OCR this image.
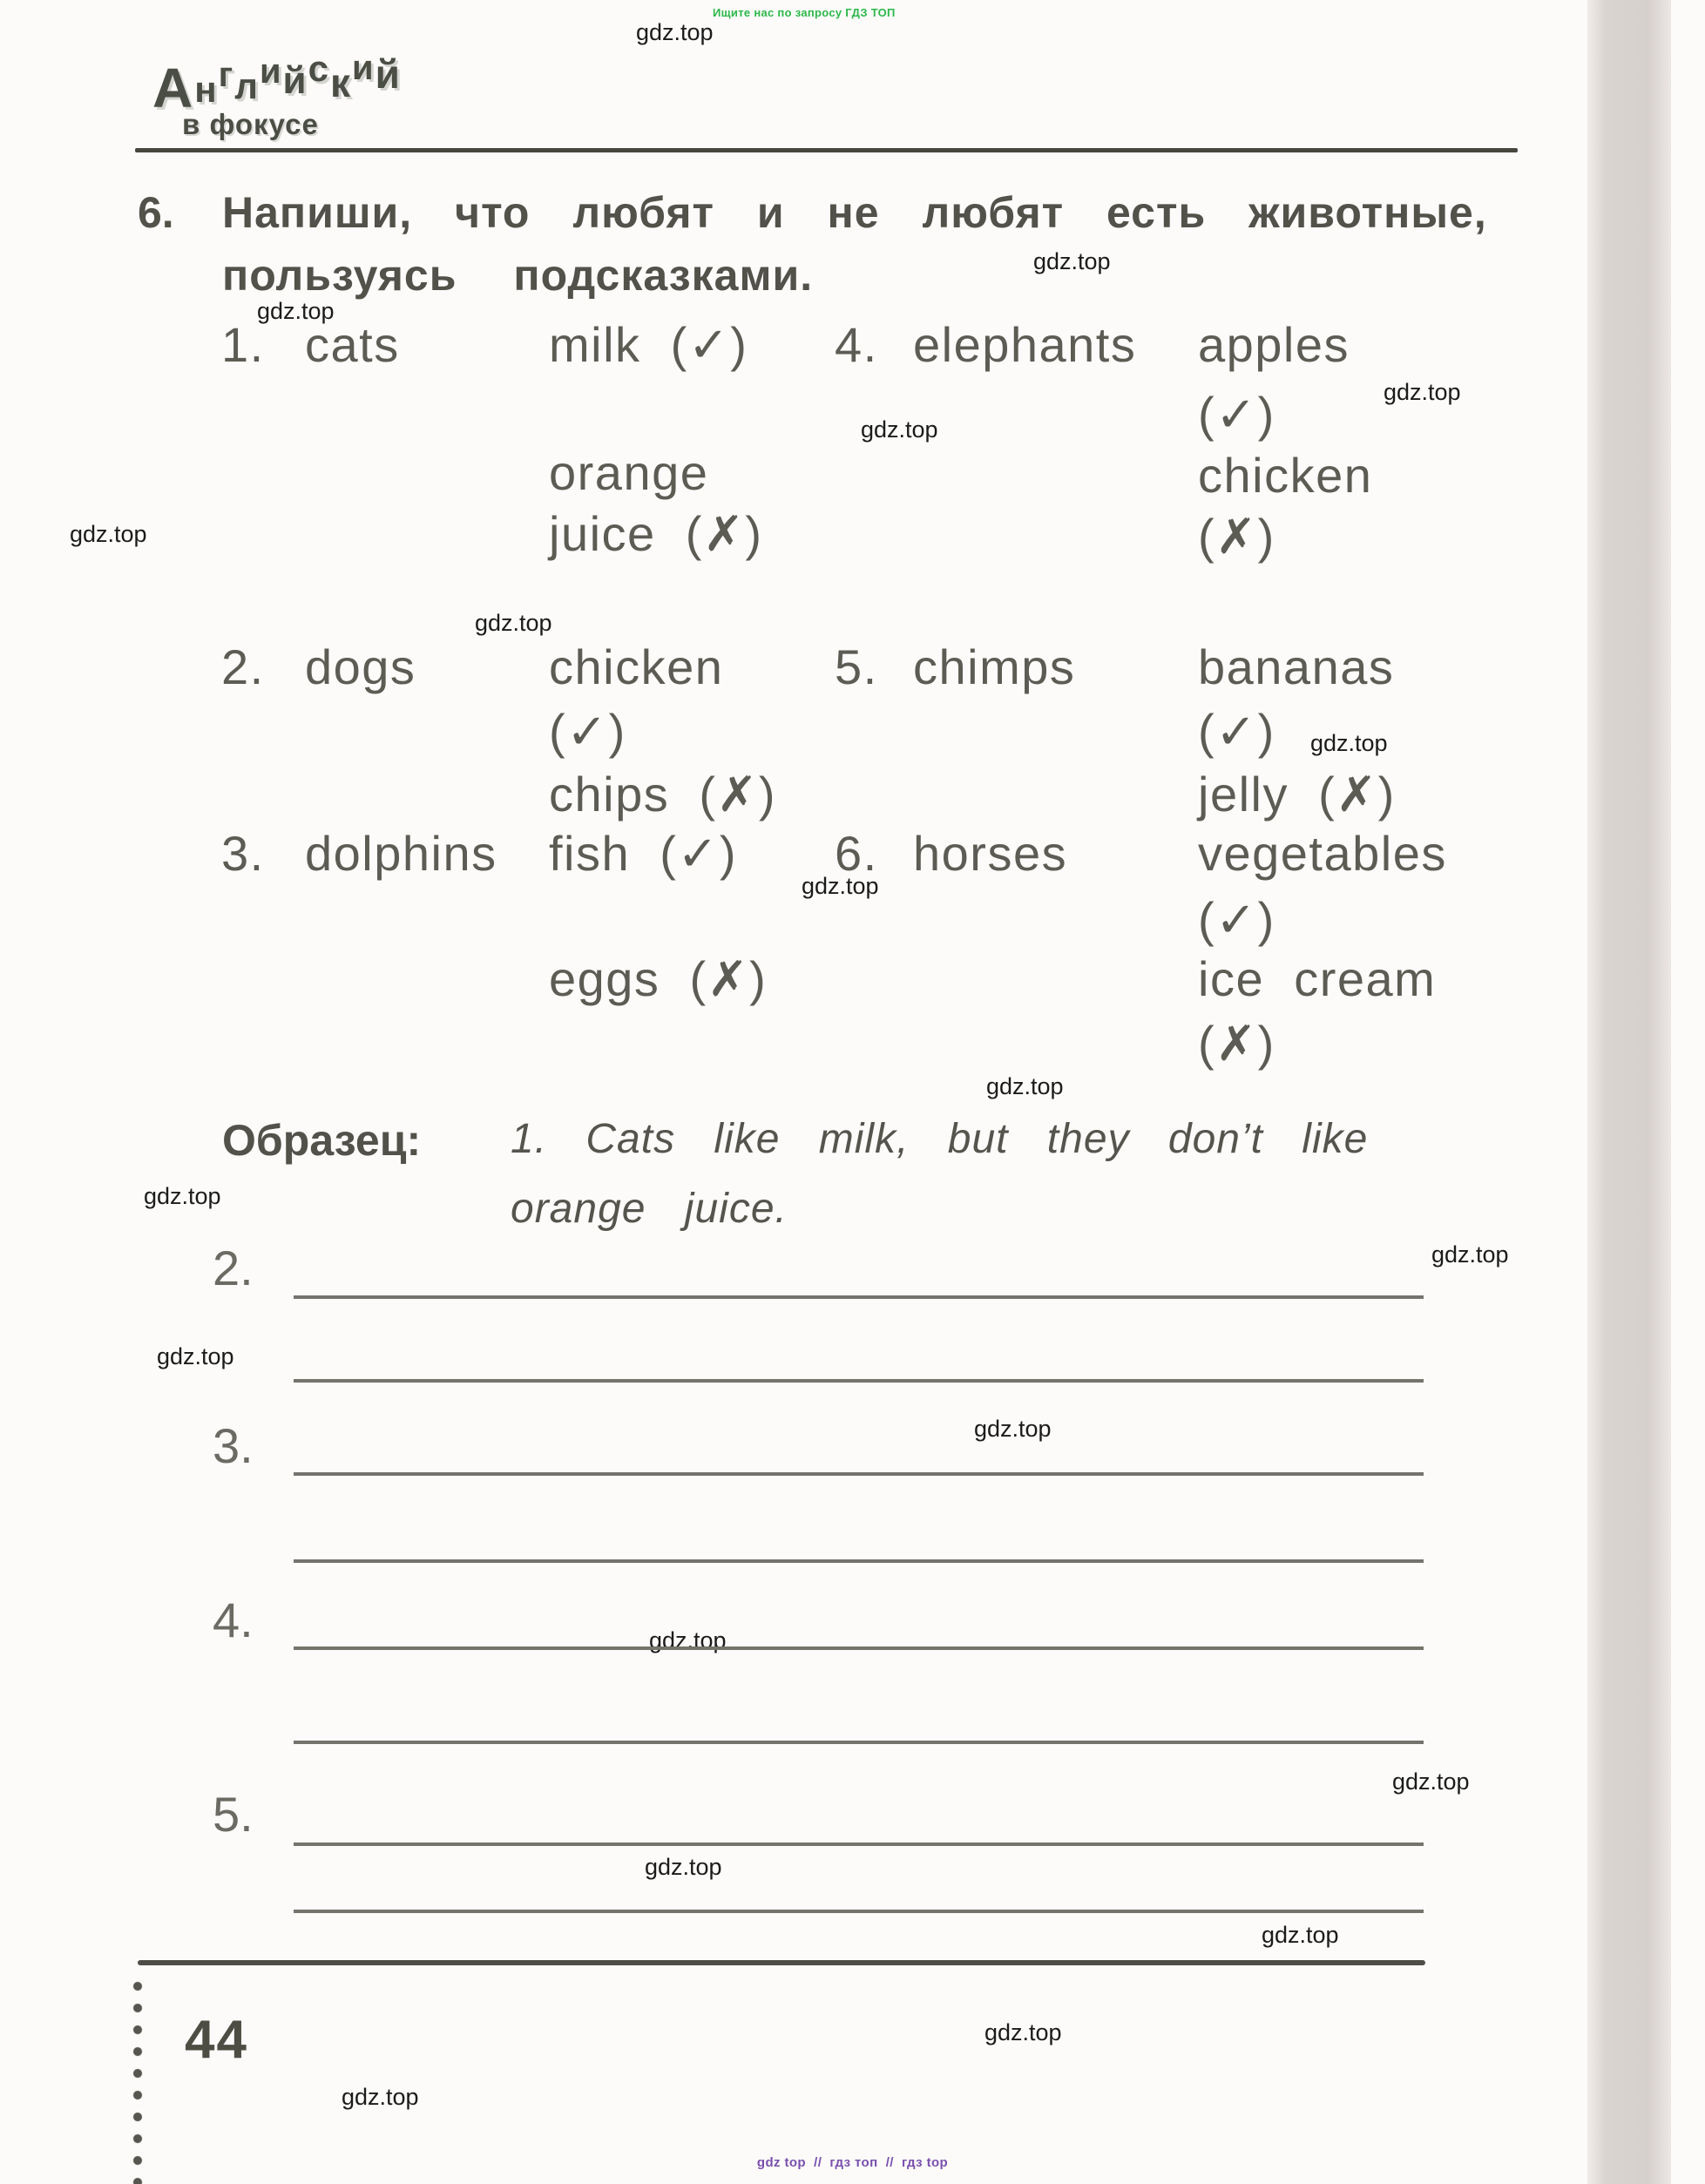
Ищите нас по запросу ГДЗ ТОП
gdz.top
gdz.top
gdz.top
gdz.top
gdz.top
gdz.top
gdz.top
gdz.top
gdz.top
gdz.top
gdz.top
gdz.top
gdz.top
gdz.top
gdz.top
gdz.top
gdz.top
gdz.top
gdz.top
gdz.top
Английский
в фокусе
6. Напиши, что любят и не любят есть животные,
пользуясь подсказками.
1. cats	milk  (✓)
orange
juice  (✗)
2. dogs	chicken
(✓)
chips  (✗)
3. dolphins fish  (✓)
eggs  (✗)
4. elephants apples
(✓)
chicken
(✗)
5. chimps	bananas
(✓)
jelly  (✗)
6. horses	vegetables
(✓)
ice  cream
(✗)
Образец: 1. Cats like milk, but they don’t like
orange juice.
2.
3.
4.
5.
44
gdz top  //  гдз топ  //  гдз top
